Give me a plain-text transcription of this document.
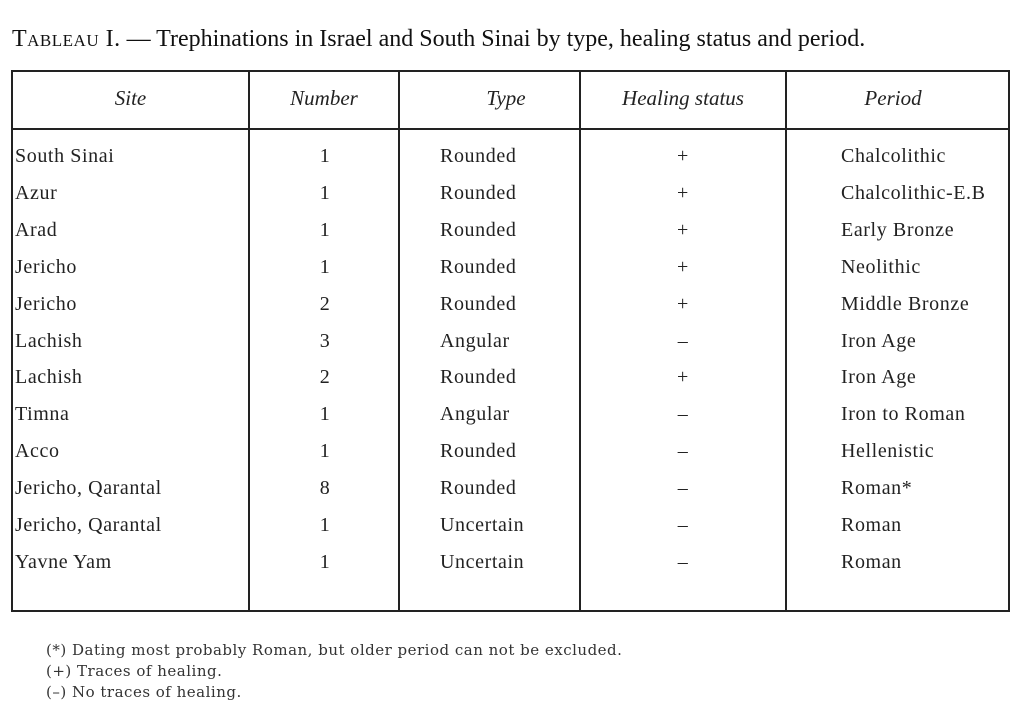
Tableau I. — Trephinations in Israel and South Sinai by type, healing status and period.
Site	Number	Type	Healing status	Period
South Sinai	1	Rounded	+	Chalcolithic
Azur	1	Rounded	+	Chalcolithic-E.B
Arad	1	Rounded	+	Early Bronze
Jericho	1	Rounded	+	Neolithic
Jericho	2	Rounded	+	Middle Bronze
Lachish	3	Angular	–	Iron Age
Lachish	2	Rounded	+	Iron Age
Timna	1	Angular	–	Iron to Roman
Acco	1	Rounded	–	Hellenistic
Jericho, Qarantal	8	Rounded	–	Roman*
Jericho, Qarantal	1	Uncertain	–	Roman
Yavne Yam	1	Uncertain	–	Roman
(*) Dating most probably Roman, but older period can not be excluded.
(+) Traces of healing.
(–) No traces of healing.
